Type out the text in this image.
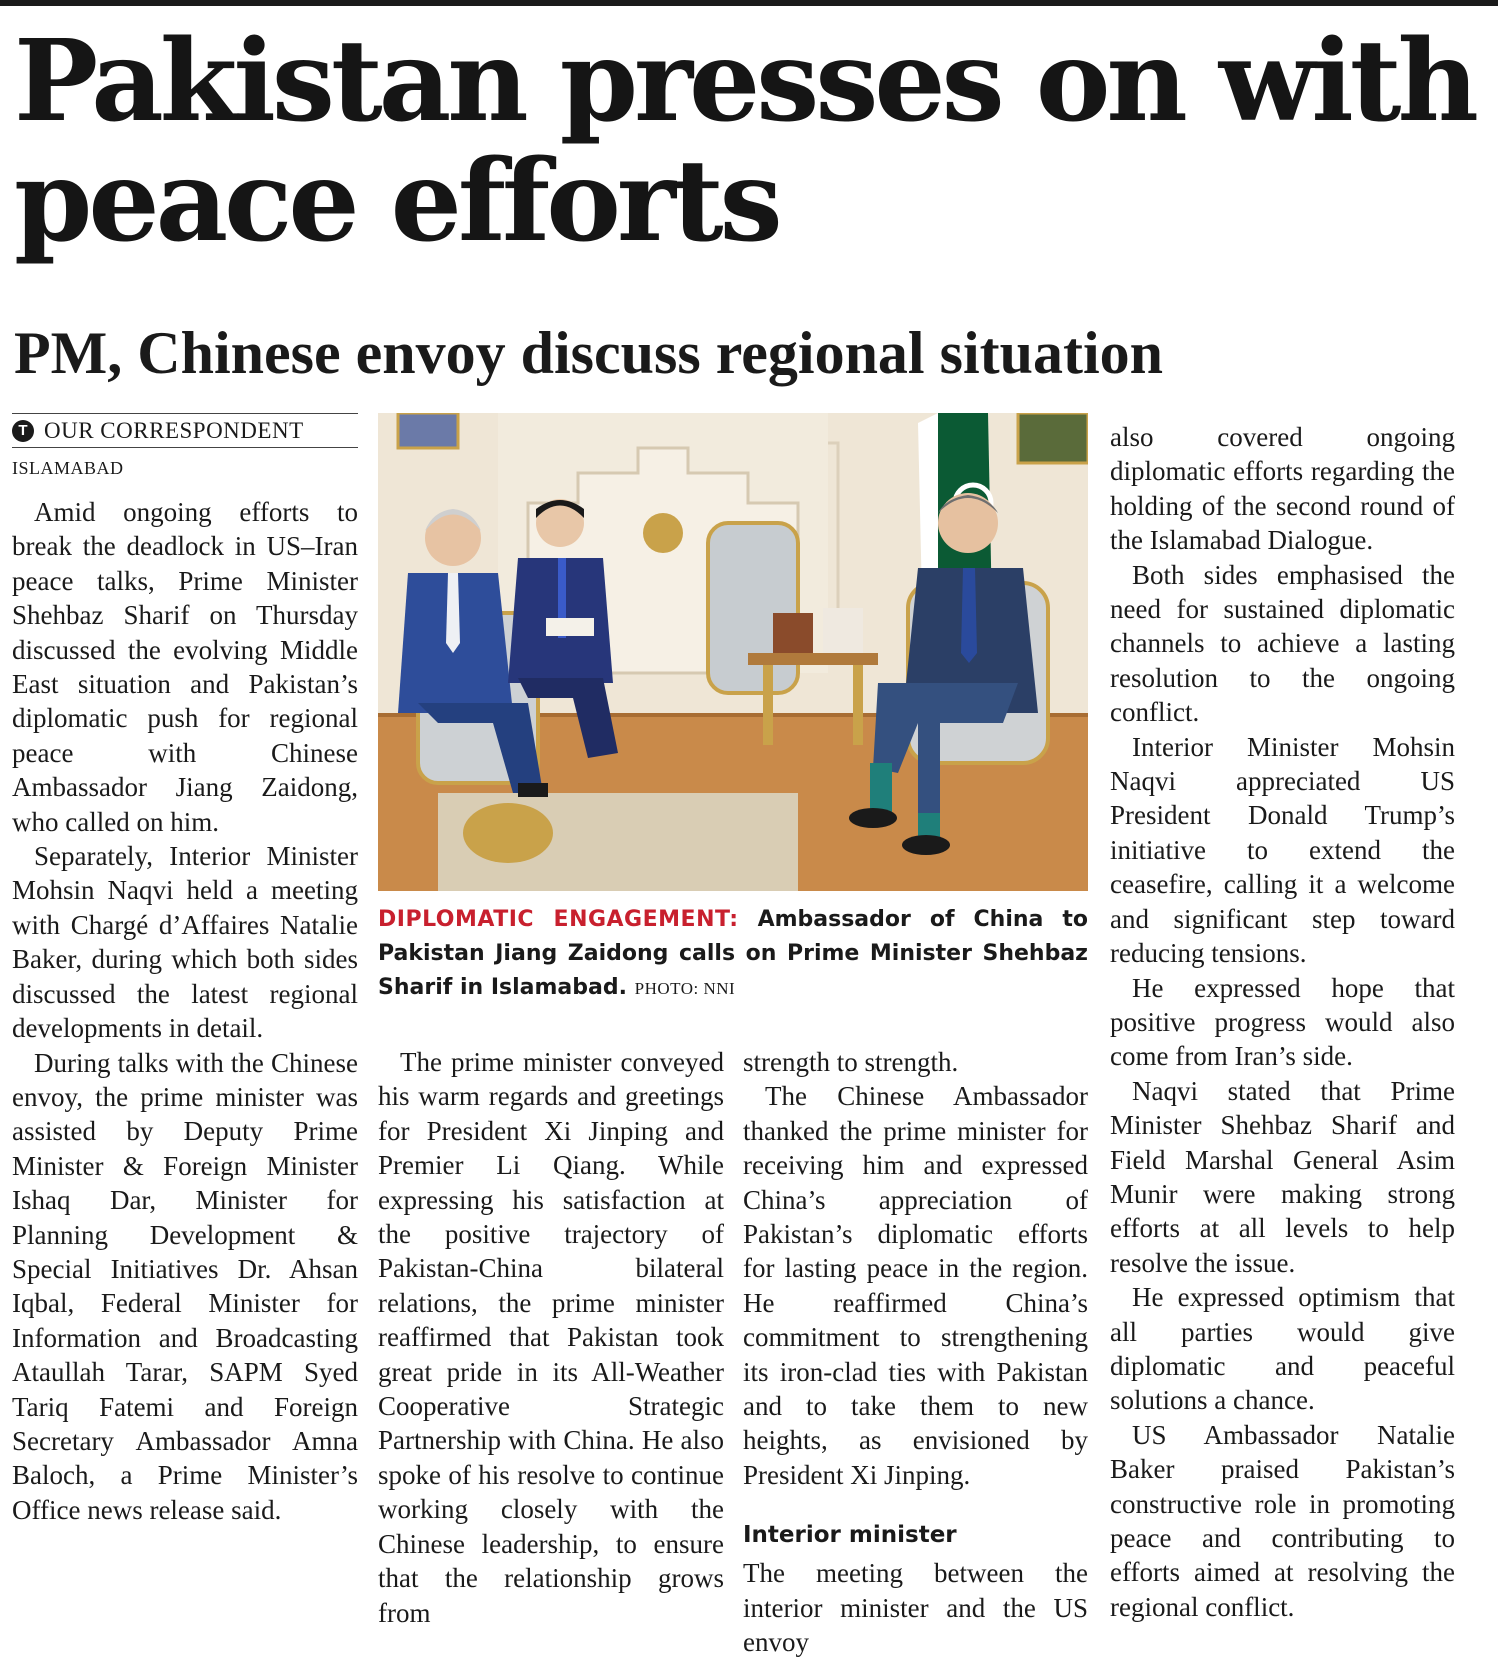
Pakistan presses on with peace efforts
PM, Chinese envoy discuss regional situation
T OUR CORRESPONDENT
ISLAMABAD

Amid ongoing efforts to break the deadlock in US–Iran peace talks, Prime Minister Shehbaz Sharif on Thursday discussed the evolving Middle East situation and Pakistan’s diplomatic push for regional peace with Chinese Ambassador Jiang Zaidong, who called on him.

Separately, Interior Minister Mohsin Naqvi held a meeting with Chargé d’Affaires Natalie Baker, during which both sides discussed the latest regional developments in detail.

During talks with the Chinese envoy, the prime minister was assisted by Deputy Prime Minister & Foreign Minister Ishaq Dar, Minister for Planning Development & Special Initiatives Dr. Ahsan Iqbal, Federal Minister for Information and Broadcasting Ataullah Tarar, SAPM Syed Tariq Fatemi and Foreign Secretary Ambassador Amna Baloch, a Prime Minister’s Office news release said.

DIPLOMATIC ENGAGEMENT: Ambassador of China to Pakistan Jiang Zaidong calls on Prime Minister Shehbaz Sharif in Islamabad. PHOTO: NNI

The prime minister conveyed his warm regards and greetings for President Xi Jinping and Premier Li Qiang. While expressing his satisfaction at the positive trajectory of Pakistan-China bilateral relations, the prime minister reaffirmed that Pakistan took great pride in its All-Weather Cooperative Strategic Partnership with China. He also spoke of his resolve to continue working closely with the Chinese leadership, to ensure that the relationship grows from

strength to strength.

The Chinese Ambassador thanked the prime minister for receiving him and expressed China’s appreciation of Pakistan’s diplomatic efforts for lasting peace in the region. He reaffirmed China’s commitment to strengthening its iron-clad ties with Pakistan and to take them to new heights, as envisioned by President Xi Jinping.

Interior minister

The meeting between the interior minister and the US envoy

also covered ongoing diplomatic efforts regarding the holding of the second round of the Islamabad Dialogue.

Both sides emphasised the need for sustained diplomatic channels to achieve a lasting resolution to the ongoing conflict.

Interior Minister Mohsin Naqvi appreciated US President Donald Trump’s initiative to extend the ceasefire, calling it a welcome and significant step toward reducing tensions.

He expressed hope that positive progress would also come from Iran’s side.

Naqvi stated that Prime Minister Shehbaz Sharif and Field Marshal General Asim Munir were making strong efforts at all levels to help resolve the issue.

He expressed optimism that all parties would give diplomatic and peaceful solutions a chance.

US Ambassador Natalie Baker praised Pakistan’s constructive role in promoting peace and contributing to efforts aimed at resolving the regional conflict.
